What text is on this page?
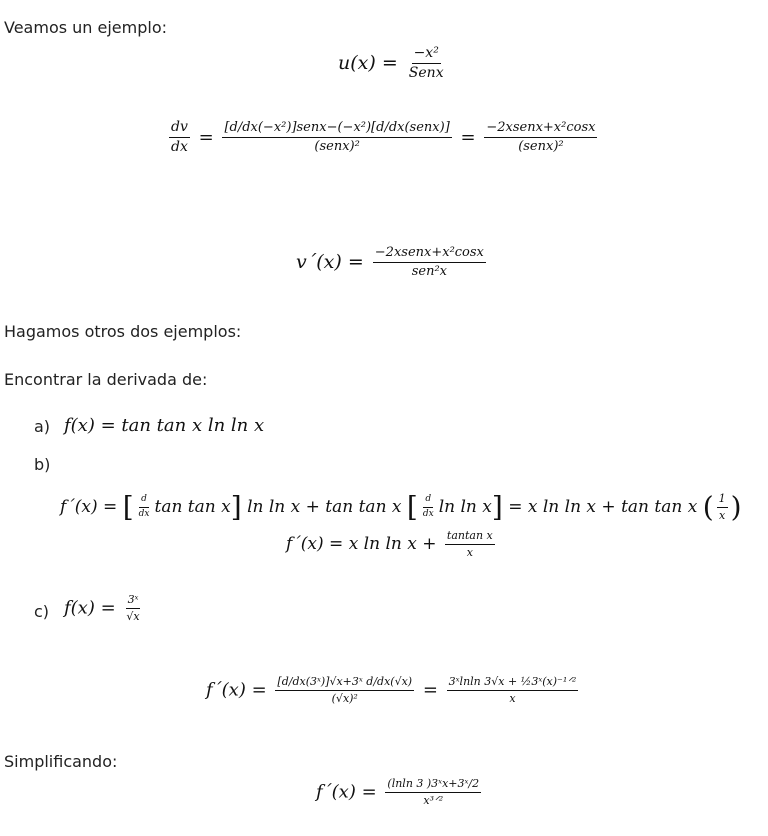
Veamos un ejemplo:
$u(x) = \frac{\text{−x²}}{\text{Senx}}$
$\frac{dv}{dx} = \frac{\text{[d/dx(−x²)]senx−(−x²)[d/dx(senx)]}}{\text{(senx)²}} = \frac{\text{−2xsenx+x²cosx}}{\text{(senx)²}}$
v´(x) = $\frac{\text{−2xsenx+x²cosx}}{\text{sen²x}}$
Hagamos otros dos ejemplos:
Encontrar la derivada de:
a) f(x) = tan tan x ln ln x
b)
f´(x) = [ $\frac{d}{dx}$ tan tan x] ln ln x + tan tan x [ $\frac{d}{dx}$ ln ln x] = x ln ln x + tan tan x ( $\frac{1}{x}$ )
f´(x) = x $\ln \ln x + \frac{\text{tantan x}}{x}$
c) $f(x) = \frac{\text{3ˣ}}{√x}$
f´(x) = $\frac{\text{[d/dx(3ˣ)]√x+3ˣ d/dx(√x)}}{\text{(√x)²}} = \frac{\text{3ˣlnln 3√x + ½3ˣ(x)⁻¹ᐟ²}}{x}$
Simplificando:
f´(x) = $\frac{\text{(lnln 3 )3ˣx+3ˣ/2}}{\text{x³ᐟ²}}$
